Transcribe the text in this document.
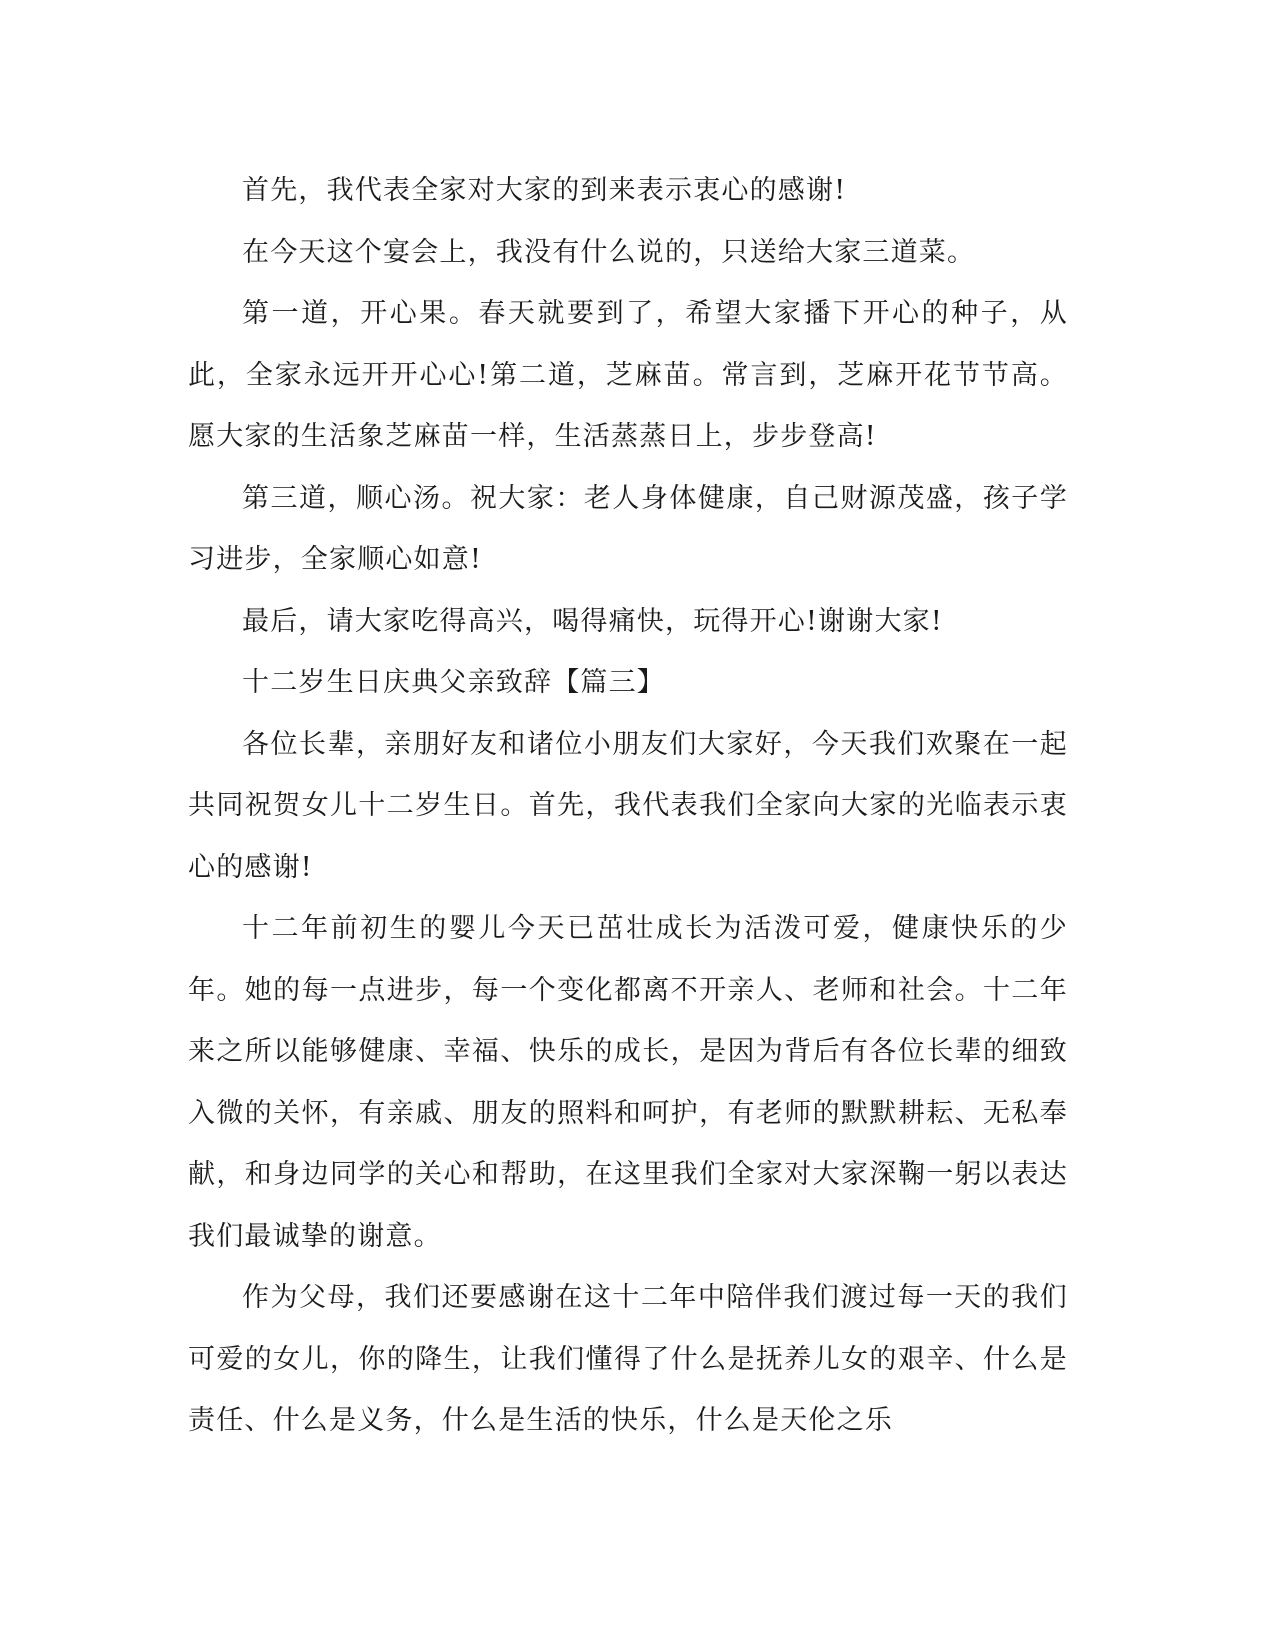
首先，我代表全家对大家的到来表示衷心的感谢!

在今天这个宴会上，我没有什么说的，只送给大家三道菜。

第一道，开心果。春天就要到了，希望大家播下开心的种子，从此，全家永远开开心心!第二道，芝麻苗。常言到，芝麻开花节节高。愿大家的生活象芝麻苗一样，生活蒸蒸日上，步步登高!

第三道，顺心汤。祝大家：老人身体健康，自己财源茂盛，孩子学习进步，全家顺心如意!

最后，请大家吃得高兴，喝得痛快，玩得开心!谢谢大家!

十二岁生日庆典父亲致辞【篇三】

各位长辈，亲朋好友和诸位小朋友们大家好，今天我们欢聚在一起共同祝贺女儿十二岁生日。首先，我代表我们全家向大家的光临表示衷心的感谢!

十二年前初生的婴儿今天已茁壮成长为活泼可爱，健康快乐的少年。她的每一点进步，每一个变化都离不开亲人、老师和社会。十二年来之所以能够健康、幸福、快乐的成长，是因为背后有各位长辈的细致入微的关怀，有亲戚、朋友的照料和呵护，有老师的默默耕耘、无私奉献，和身边同学的关心和帮助，在这里我们全家对大家深鞠一躬以表达我们最诚挚的谢意。

作为父母，我们还要感谢在这十二年中陪伴我们渡过每一天的我们可爱的女儿，你的降生，让我们懂得了什么是抚养儿女的艰辛、什么是责任、什么是义务，什么是生活的快乐，什么是天伦之乐
